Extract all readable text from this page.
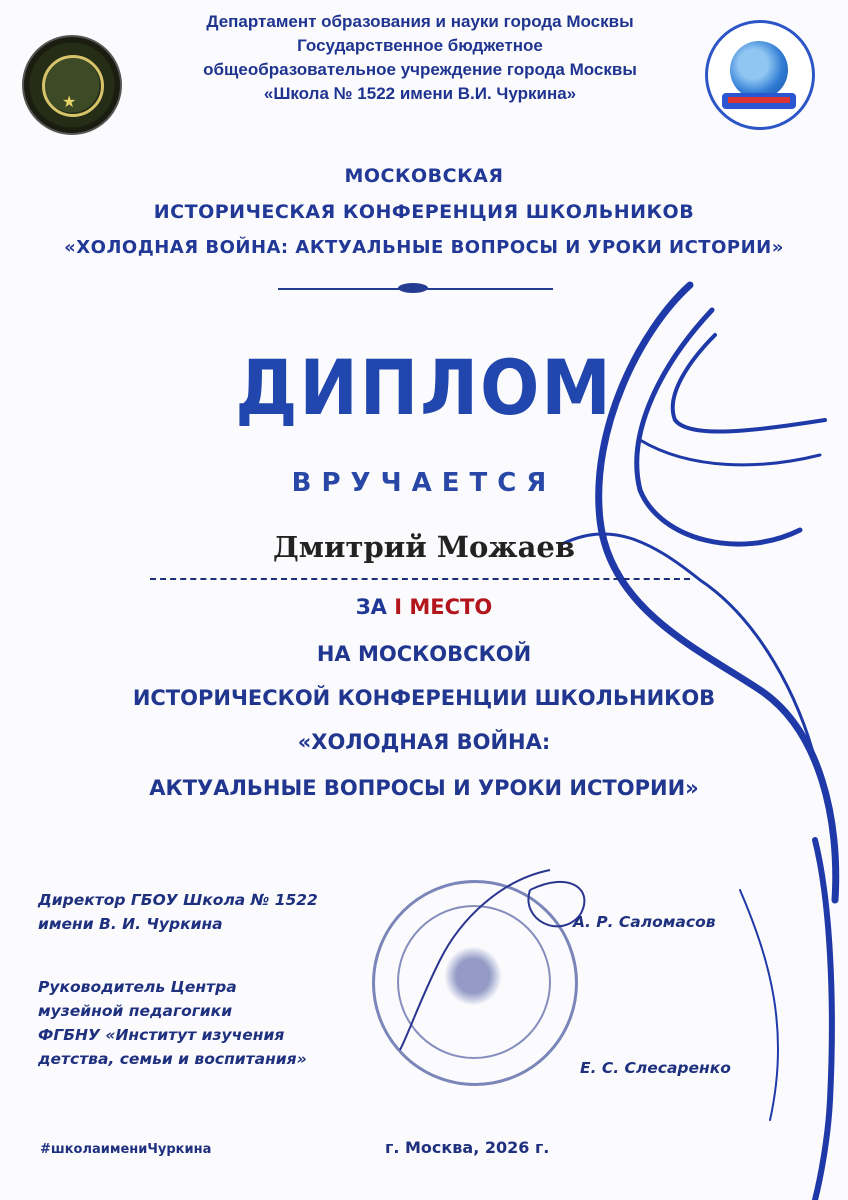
★
Департамент образования и науки города Москвы
Государственное бюджетное
общеобразовательное учреждение города Москвы
«Школа № 1522 имени В.И. Чуркина»
МОСКОВСКАЯ
ИСТОРИЧЕСКАЯ КОНФЕРЕНЦИЯ ШКОЛЬНИКОВ
«ХОЛОДНАЯ ВОЙНА: АКТУАЛЬНЫЕ ВОПРОСЫ И УРОКИ ИСТОРИИ»
ДИПЛОМ
ВРУЧАЕТСЯ
Дмитрий Можаев
ЗА I МЕСТО
НА МОСКОВСКОЙ
ИСТОРИЧЕСКОЙ КОНФЕРЕНЦИИ ШКОЛЬНИКОВ
«ХОЛОДНАЯ ВОЙНА:
АКТУАЛЬНЫЕ ВОПРОСЫ И УРОКИ ИСТОРИИ»
Директор ГБОУ Школа № 1522
имени В. И. Чуркина	А. Р. Саломасов
Руководитель Центра
музейной педагогики
ФГБНУ «Институт изучения
детства, семьи и воспитания»	Е. С. Слесаренко
#школаимениЧуркина	г. Москва, 2026 г.
